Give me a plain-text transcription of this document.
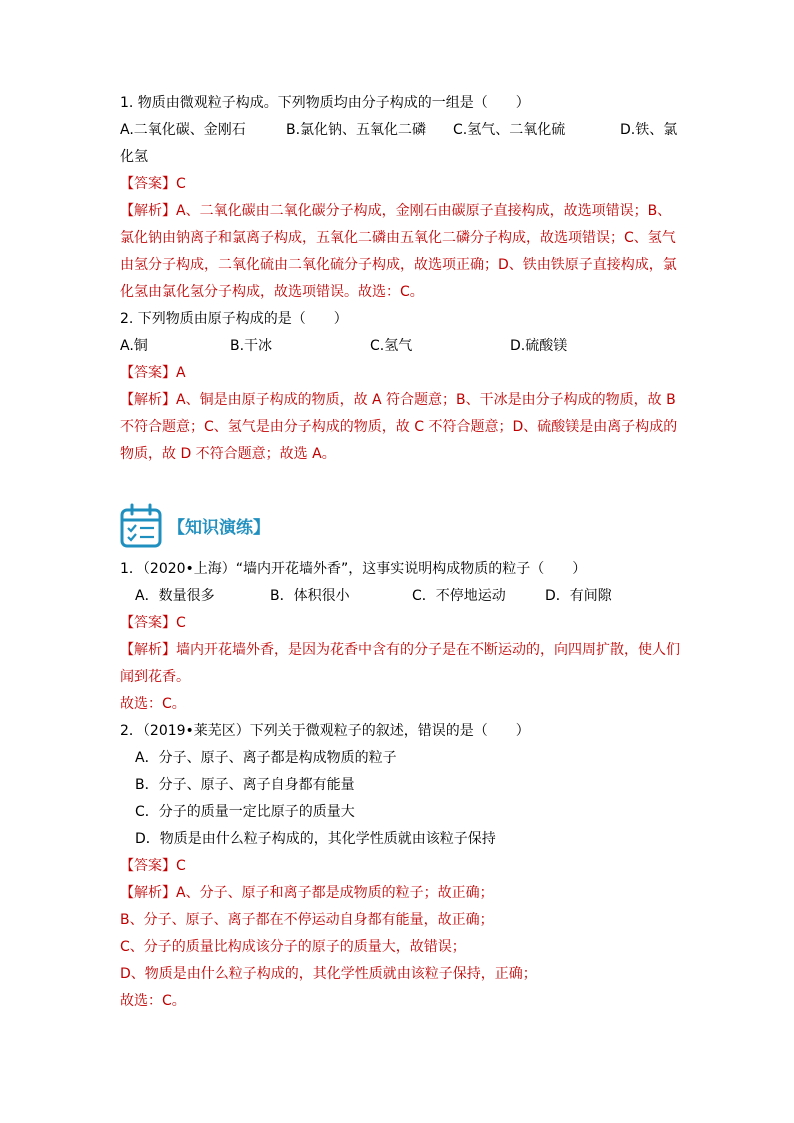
1. 物质由微观粒子构成。下列物质均由分子构成的一组是（　　）
A.二氧化碳、金刚石	B.氯化钠、五氧化二磷 C.氢气、二氧化硫	D.铁、氯
化氢
【答案】C
【解析】A、二氧化碳由二氧化碳分子构成，金刚石由碳原子直接构成，故选项错误；B、
氯化钠由钠离子和氯离子构成，五氧化二磷由五氧化二磷分子构成，故选项错误；C、氢气
由氢分子构成，二氧化硫由二氧化硫分子构成，故选项正确；D、铁由铁原子直接构成，氯
化氢由氯化氢分子构成，故选项错误。故选：C。
2. 下列物质由原子构成的是（　　）
A.铜	B.干冰	C.氢气	D.硫酸镁
【答案】A
【解析】A、铜是由原子构成的物质，故 A 符合题意；B、干冰是由分子构成的物质，故 B
不符合题意；C、氢气是由分子构成的物质，故 C 不符合题意；D、硫酸镁是由离子构成的
物质，故 D 不符合题意；故选 A。
【知识演练】
1．（2020•上海）“墙内开花墙外香”，这事实说明构成物质的粒子（　　）
A．数量很多	B．体积很小	C．不停地运动	D．有间隙
【答案】C
【解析】墙内开花墙外香，是因为花香中含有的分子是在不断运动的，向四周扩散，使人们
闻到花香。
故选：C。
2．（2019•莱芜区）下列关于微观粒子的叙述，错误的是（　　）
A．分子、原子、离子都是构成物质的粒子
B．分子、原子、离子自身都有能量
C．分子的质量一定比原子的质量大
D．物质是由什么粒子构成的，其化学性质就由该粒子保持
【答案】C
【解析】A、分子、原子和离子都是成物质的粒子；故正确；
B、分子、原子、离子都在不停运动自身都有能量，故正确；
C、分子的质量比构成该分子的原子的质量大，故错误；
D、物质是由什么粒子构成的，其化学性质就由该粒子保持，正确；
故选：C。
